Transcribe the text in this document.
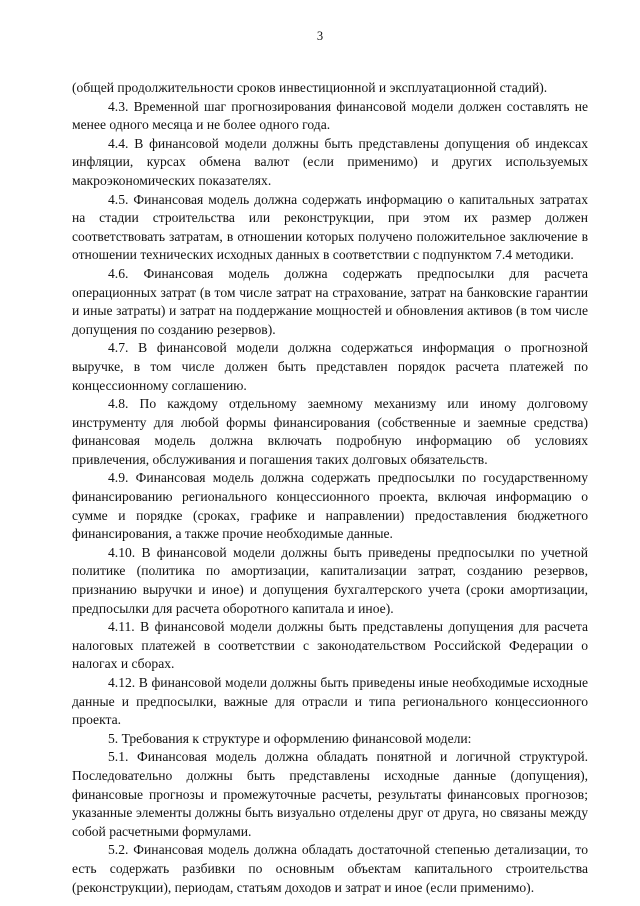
3

(общей продолжительности сроков инвестиционной и эксплуатационной стадий).

4.3. Временной шаг прогнозирования финансовой модели должен составлять не менее одного месяца и не более одного года.

4.4. В финансовой модели должны быть представлены допущения об индексах инфляции, курсах обмена валют (если применимо) и других используемых макроэкономических показателях.

4.5. Финансовая модель должна содержать информацию о капитальных затратах на стадии строительства или реконструкции, при этом их размер должен соответствовать затратам, в отношении которых получено положительное заключение в отношении технических исходных данных в соответствии с подпунктом 7.4 методики.

4.6. Финансовая модель должна содержать предпосылки для расчета операционных затрат (в том числе затрат на страхование, затрат на банковские гарантии и иные затраты) и затрат на поддержание мощностей и обновления активов (в том числе допущения по созданию резервов).

4.7. В финансовой модели должна содержаться информация о прогнозной выручке, в том числе должен быть представлен порядок расчета платежей по концессионному соглашению.

4.8. По каждому отдельному заемному механизму или иному долговому инструменту для любой формы финансирования (собственные и заемные средства) финансовая модель должна включать подробную информацию об условиях привлечения, обслуживания и погашения таких долговых обязательств.

4.9. Финансовая модель должна содержать предпосылки по государственному финансированию регионального концессионного проекта, включая информацию о сумме и порядке (сроках, графике и направлении) предоставления бюджетного финансирования, а также прочие необходимые данные.

4.10. В финансовой модели должны быть приведены предпосылки по учетной политике (политика по амортизации, капитализации затрат, созданию резервов, признанию выручки и иное) и допущения бухгалтерского учета (сроки амортизации, предпосылки для расчета оборотного капитала и иное).

4.11. В финансовой модели должны быть представлены допущения для расчета налоговых платежей в соответствии с законодательством Российской Федерации о налогах и сборах.

4.12. В финансовой модели должны быть приведены иные необходимые исходные данные и предпосылки, важные для отрасли и типа регионального концессионного проекта.

5. Требования к структуре и оформлению финансовой модели:

5.1. Финансовая модель должна обладать понятной и логичной структурой. Последовательно должны быть представлены исходные данные (допущения), финансовые прогнозы и промежуточные расчеты, результаты финансовых прогнозов; указанные элементы должны быть визуально отделены друг от друга, но связаны между собой расчетными формулами.

5.2. Финансовая модель должна обладать достаточной степенью детализации, то есть содержать разбивки по основным объектам капитального строительства (реконструкции), периодам, статьям доходов и затрат и иное (если применимо).
